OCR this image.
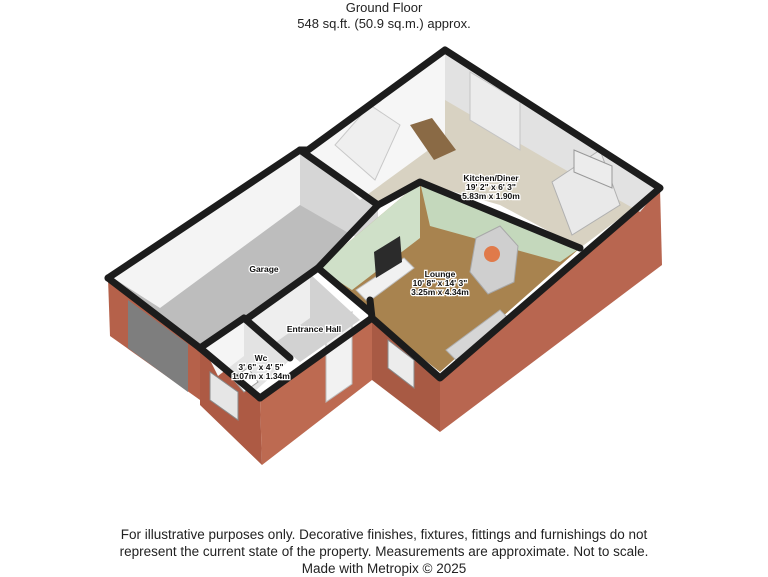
Ground Floor
548 sq.ft. (50.9 sq.m.) approx.
Kitchen/Diner
19' 2" x 6' 3"
5.83m x 1.90m
Lounge
10' 8" x 14' 3"
3.25m x 4.34m
Garage
Entrance Hall
Wc
3' 6" x 4' 5"
1.07m x 1.34m
For illustrative purposes only. Decorative finishes, fixtures, fittings and furnishings do not
represent the current state of the property. Measurements are approximate. Not to scale.
Made with Metropix © 2025
